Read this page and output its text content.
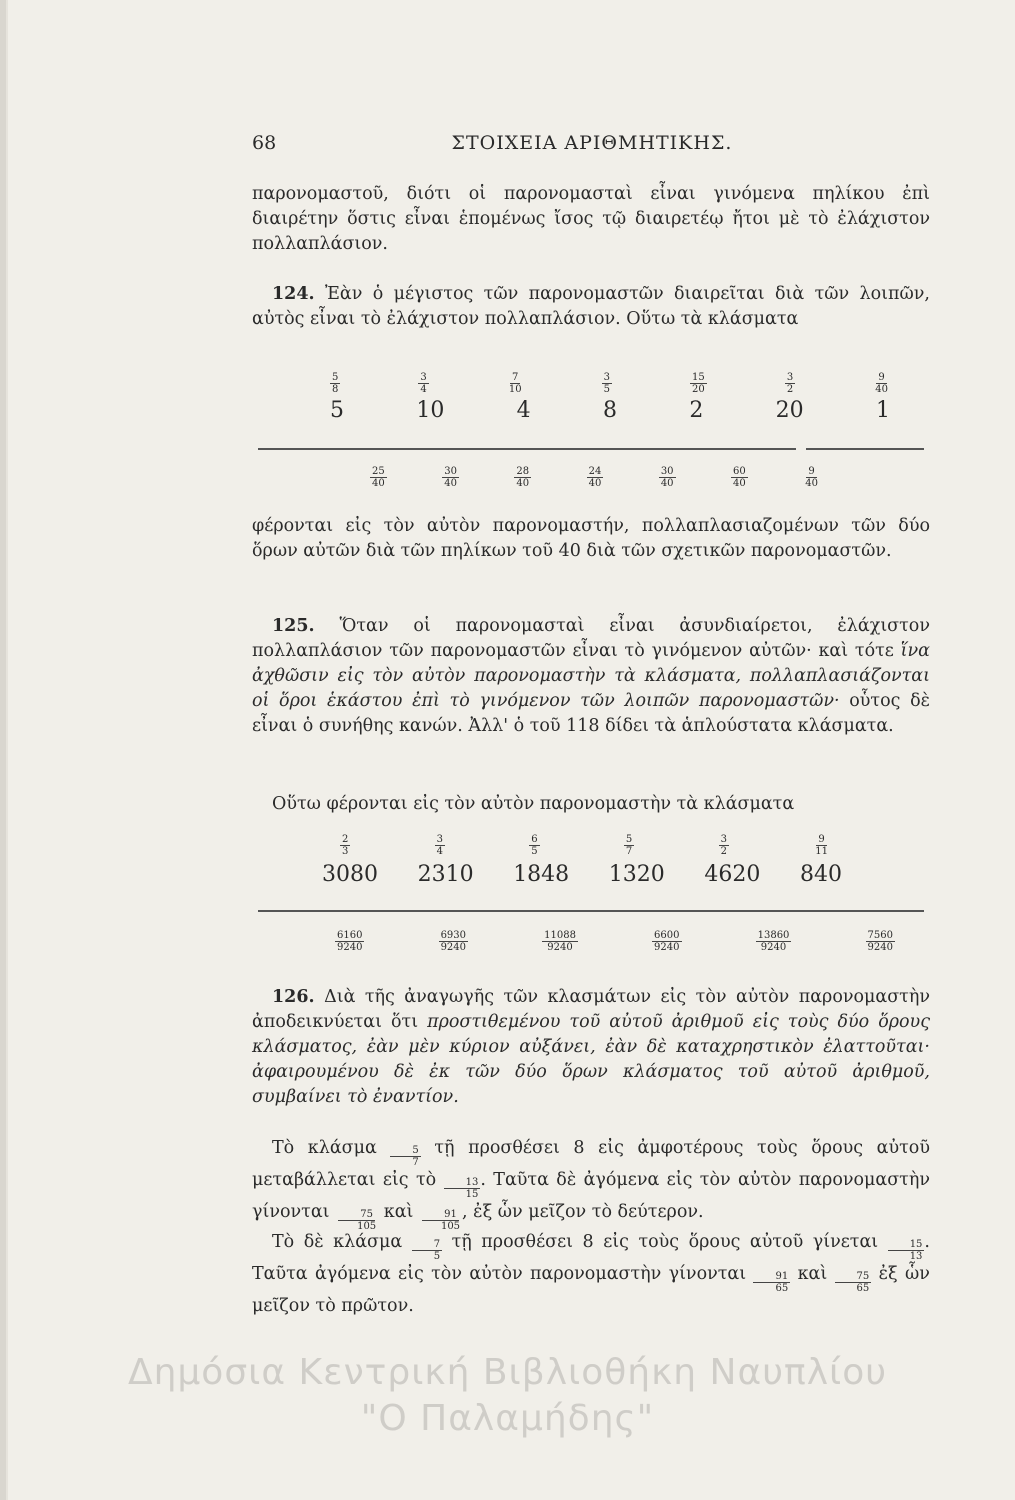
68	ΣΤΟΙΧΕΙΑ ΑΡΙΘΜΗΤΙΚΗΣ.

παρονομαστοῦ, διότι οἱ παρονομασταὶ εἶναι γινόμενα πηλίκου ἐπὶ διαιρέτην ὅστις εἶναι ἑπομένως ἴσος τῷ διαιρετέῳ ἤτοι μὲ τὸ ἐλάχιστον πολλαπλάσιον.

124. Ἐὰν ὁ μέγιστος τῶν παρονομαστῶν διαιρεῖται διὰ τῶν λοιπῶν, αὐτὸς εἶναι τὸ ἐλάχιστον πολλαπλάσιον. Οὕτω τὰ κλάσματα

$\frac{5}{8}$	$\frac{3}{4}$	$\frac{7}{10}$	$\frac{3}{5}$	$\frac{15}{20}$	$\frac{3}{2}$	$\frac{9}{40}$
5	10	4	8	2	20	1
$\frac{25}{40}$	$\frac{30}{40}$	$\frac{28}{40}$	$\frac{24}{40}$	$\frac{30}{40}$	$\frac{60}{40}$	$\frac{9}{40}$

φέρονται εἰς τὸν αὐτὸν παρονομαστήν, πολλαπλασιαζομένων τῶν δύο ὅρων αὐτῶν διὰ τῶν πηλίκων τοῦ 40 διὰ τῶν σχετικῶν παρονομαστῶν.

125. Ὅταν οἱ παρονομασταὶ εἶναι ἀσυνδιαίρετοι, ἐλάχιστον πολλαπλάσιον τῶν παρονομαστῶν εἶναι τὸ γινόμενον αὐτῶν· καὶ τότε ἵνα ἀχθῶσιν εἰς τὸν αὐτὸν παρονομαστὴν τὰ κλάσματα, πολλαπλασιάζονται οἱ ὅροι ἑκάστου ἐπὶ τὸ γινόμενον τῶν λοιπῶν παρονομαστῶν· οὗτος δὲ εἶναι ὁ συνήθης κανών. Ἀλλ' ὁ τοῦ 118 δίδει τὰ ἁπλούστατα κλάσματα.

Οὕτω φέρονται εἰς τὸν αὐτὸν παρονομαστὴν τὰ κλάσματα

$\frac{2}{3}$	$\frac{3}{4}$	$\frac{6}{5}$	$\frac{5}{7}$	$\frac{3}{2}$	$\frac{9}{11}$
3080 2310 1848 1320 4620 840
$\frac{6160}{9240}$	$\frac{6930}{9240}$	$\frac{11088}{9240}$	$\frac{6600}{9240}$	$\frac{13860}{9240}$	$\frac{7560}{9240}$

126. Διὰ τῆς ἀναγωγῆς τῶν κλασμάτων εἰς τὸν αὐτὸν παρονομαστὴν ἀποδεικνύεται ὅτι προστιθεμένου τοῦ αὐτοῦ ἀριθμοῦ εἰς τοὺς δύο ὅρους κλάσματος, ἐὰν μὲν κύριον αὐξάνει, ἐὰν δὲ καταχρηστικὸν ἐλαττοῦται· ἀφαιρουμένου δὲ ἐκ τῶν δύο ὅρων κλάσματος τοῦ αὐτοῦ ἀριθμοῦ, συμβαίνει τὸ ἐναντίον.

Τὸ κλάσμα $\frac{5}{7}$ τῇ προσθέσει 8 εἰς ἀμφοτέρους τοὺς ὅρους αὐτοῦ μεταβάλλεται εἰς τὸ $\frac{13}{15}$ . Ταῦτα δὲ ἀγόμενα εἰς τὸν αὐτὸν παρονομαστὴν γίνονται $\frac{75}{105}$ καὶ $\frac{91}{105}$ , ἐξ ὧν μεῖζον τὸ δεύτερον.

Τὸ δὲ κλάσμα $\frac{7}{5}$ τῇ προσθέσει 8 εἰς τοὺς ὅρους αὐτοῦ γίνεται $\frac{15}{13}$ . Ταῦτα ἀγόμενα εἰς τὸν αὐτὸν παρονομαστὴν γίνονται $\frac{91}{65}$ καὶ $\frac{75}{65}$ ἐξ ὧν μεῖζον τὸ πρῶτον.

Δημόσια Κεντρική Βιβλιοθήκη Ναυπλίου
"Ο Παλαμήδης"
